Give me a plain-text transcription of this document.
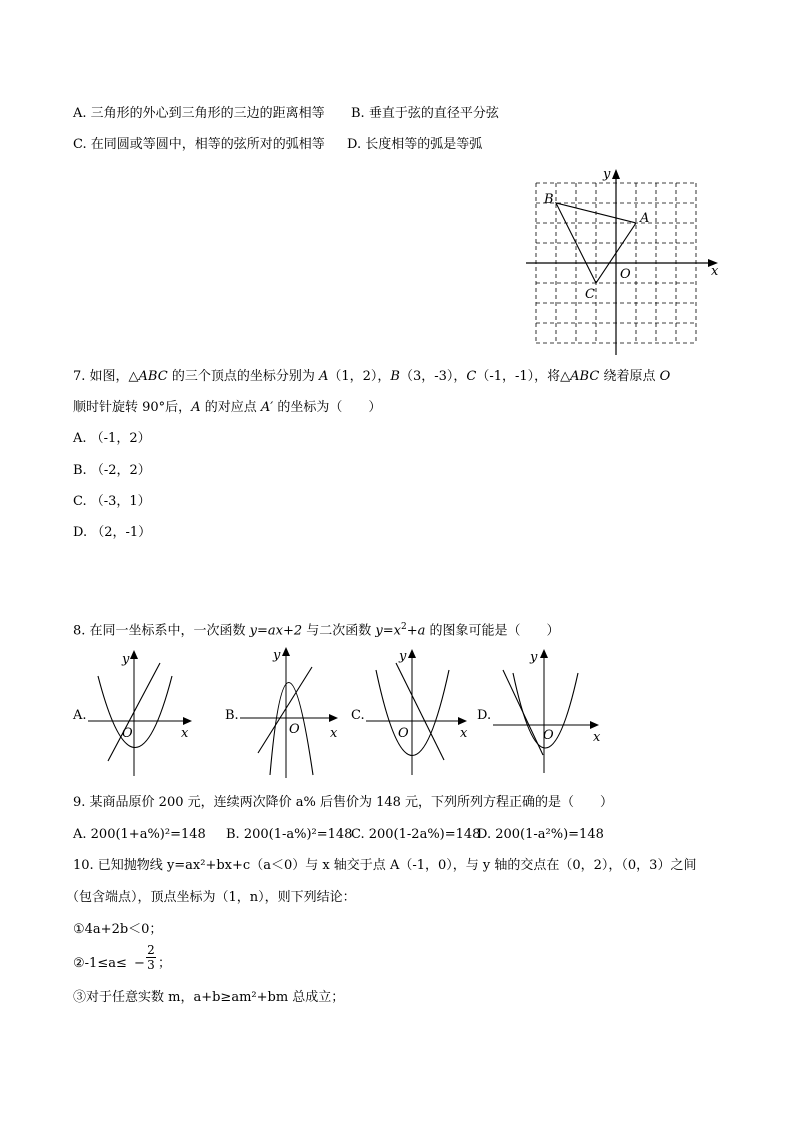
A. 三角形的外心到三角形的三边的距离相等 B. 垂直于弦的直径平分弦
C. 在同圆或等圆中，相等的弦所对的弧相等 D. 长度相等的弧是等弧
x
y
O
A
B
C
7. 如图，△ABC 的三个顶点的坐标分别为 A（1，2），B（3，-3），C（-1，-1），将△ABC 绕着原点 O
顺时针旋转 90°后，A 的对应点 A′ 的坐标为（　　）
A. （-1，2）
B. （-2，2）
C. （-3，1）
D. （2，-1）
8. 在同一坐标系中，一次函数 y=ax+2 与二次函数 $y=x^2+a$ 的图象可能是（　　）
A.
x
y
O
B.
x
y
O
C.
x
y
O
D.
x
y
O
9. 某商品原价 200 元，连续两次降价 a% 后售价为 148 元，下列所列方程正确的是（　　）
A. 200(1+a%)²=148 B. 200(1-a%)²=148
C. 200(1-2a%)=148
D. 200(1-a²%)=148
10. 已知抛物线 y=ax²+bx+c（a＜0）与 x 轴交于点 A（-1，0），与 y 轴的交点在（0，2），（0，3）之间
（包含端点），顶点坐标为（1，n），则下列结论：
①4a+2b＜0；
②-1≤a≤ − $\frac{2}{3}$ ；
③对于任意实数 m，a+b≥am²+bm 总成立；
